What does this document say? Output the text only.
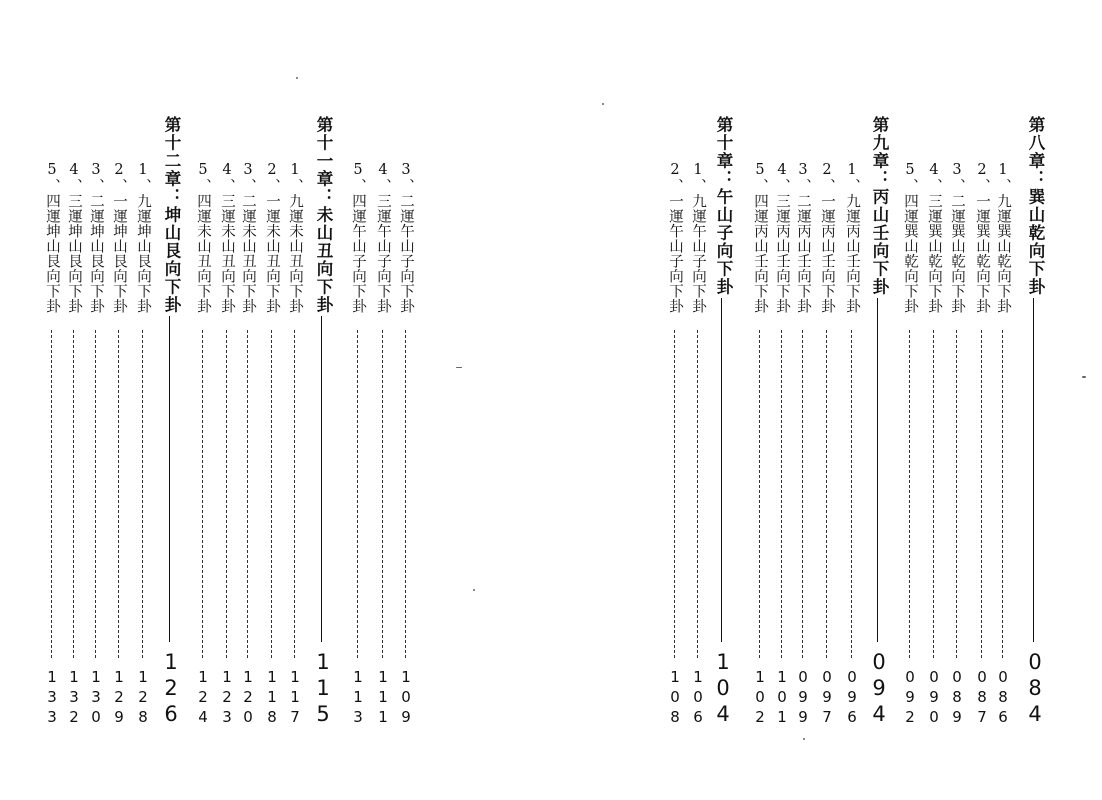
3、二運午山子向下卦
109
4、三運午山子向下卦
111
5、四運午山子向下卦
113
第十一章：未山丑向下卦
115
1、九運未山丑向下卦
117
2、一運未山丑向下卦
118
3、二運未山丑向下卦
120
4、三運未山丑向下卦
123
5、四運未山丑向下卦
124
第十二章：坤山艮向下卦
126
1、九運坤山艮向下卦
128
2、一運坤山艮向下卦
129
3、二運坤山艮向下卦
130
4、三運坤山艮向下卦
132
5、四運坤山艮向下卦
133
第八章：巽山乾向下卦
084
1、九運巽山乾向下卦
086
2、一運巽山乾向下卦
087
3、二運巽山乾向下卦
089
4、三運巽山乾向下卦
090
5、四運巽山乾向下卦
092
第九章：丙山壬向下卦
094
1、九運丙山壬向下卦
096
2、一運丙山壬向下卦
097
3、二運丙山壬向下卦
099
4、三運丙山壬向下卦
101
5、四運丙山壬向下卦
102
第十章：午山子向下卦
104
1、九運午山子向下卦
106
2、一運午山子向下卦
108
